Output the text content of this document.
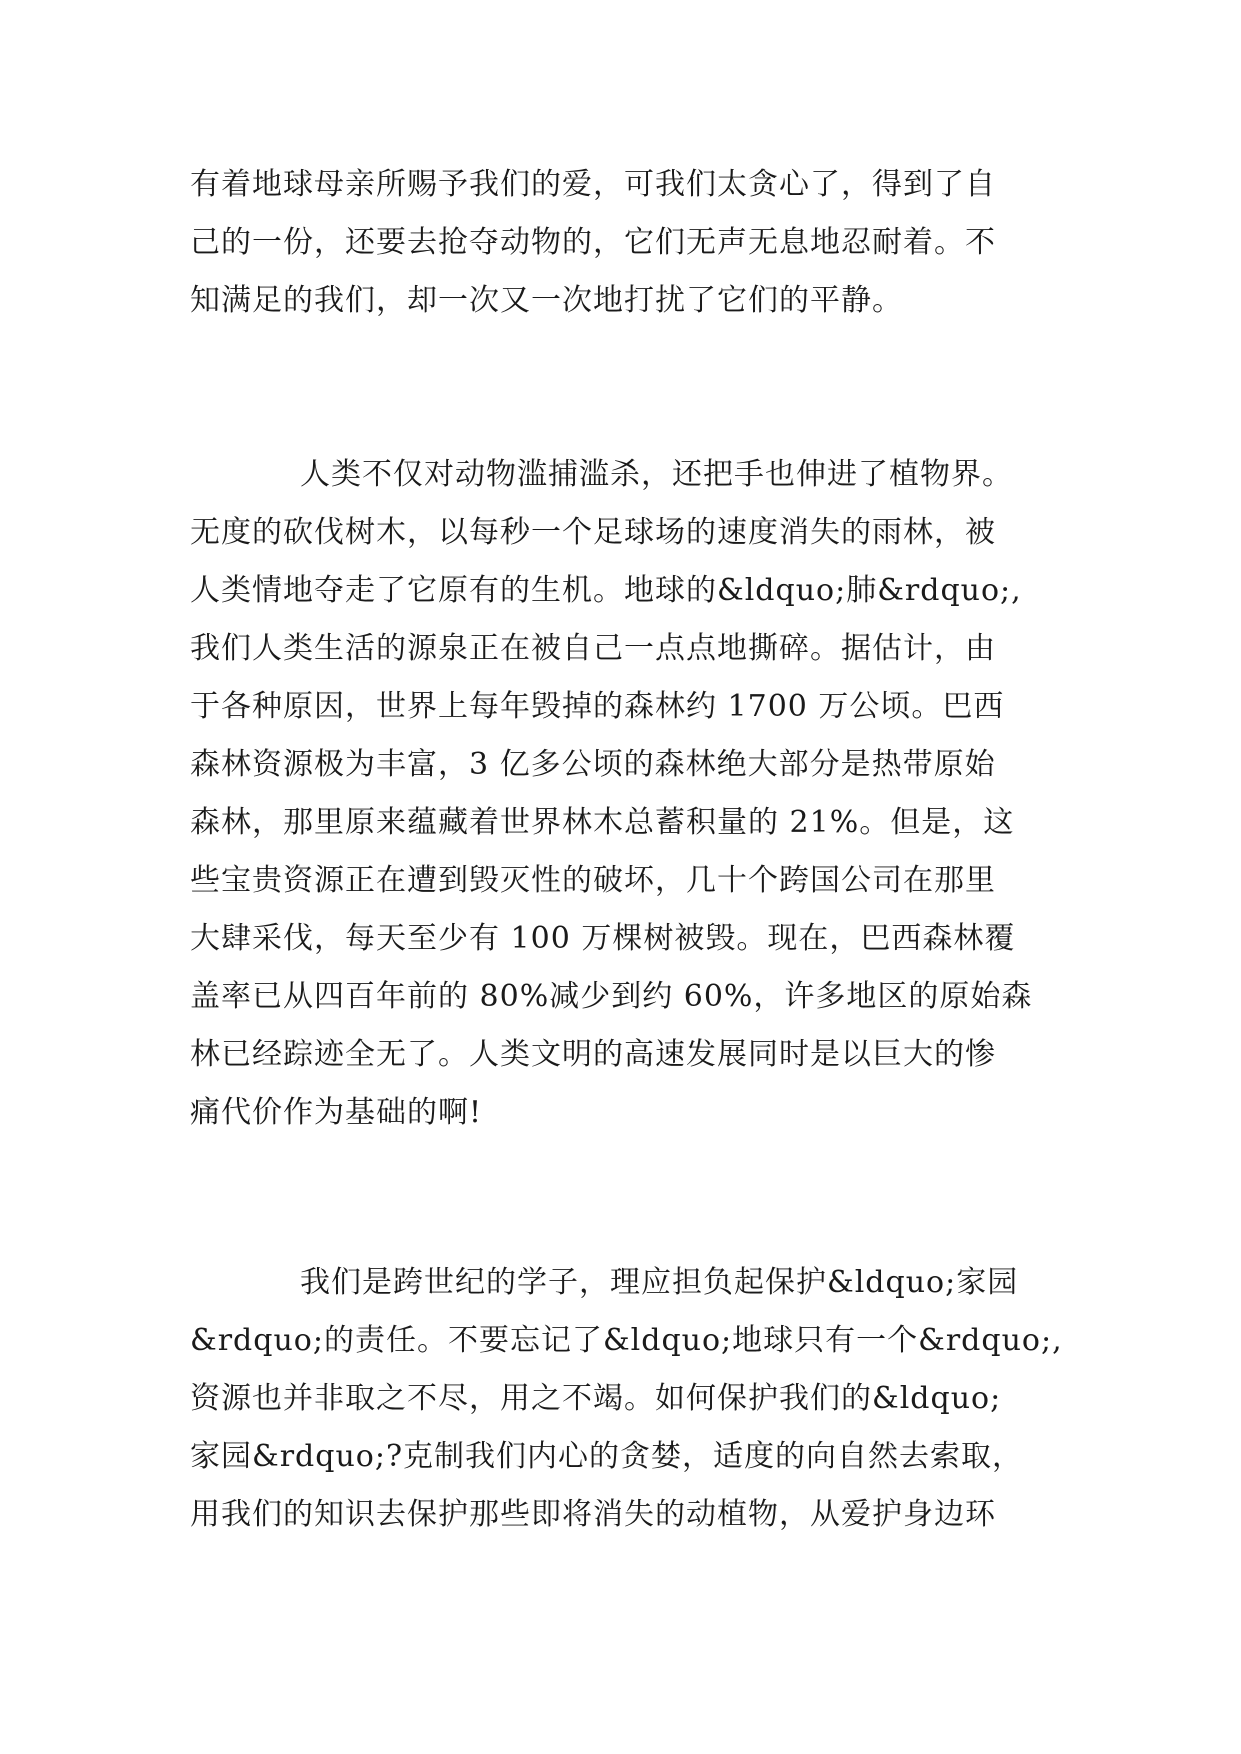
有着地球母亲所赐予我们的爱，可我们太贪心了，得到了自
己的一份，还要去抢夺动物的，它们无声无息地忍耐着。不
知满足的我们，却一次又一次地打扰了它们的平静。
人类不仅对动物滥捕滥杀，还把手也伸进了植物界。
无度的砍伐树木，以每秒一个足球场的速度消失的雨林，被
人类情地夺走了它原有的生机。地球的&ldquo;肺&rdquo;,
我们人类生活的源泉正在被自己一点点地撕碎。据估计，由
于各种原因，世界上每年毁掉的森林约 1700 万公顷。巴西
森林资源极为丰富，3 亿多公顷的森林绝大部分是热带原始
森林，那里原来蕴藏着世界林木总蓄积量的 21%。但是，这
些宝贵资源正在遭到毁灭性的破坏，几十个跨国公司在那里
大肆采伐，每天至少有 100 万棵树被毁。现在，巴西森林覆
盖率已从四百年前的 80%减少到约 60%，许多地区的原始森
林已经踪迹全无了。人类文明的高速发展同时是以巨大的惨
痛代价作为基础的啊!
我们是跨世纪的学子，理应担负起保护&ldquo;家园
&rdquo;的责任。不要忘记了&ldquo;地球只有一个&rdquo;,
资源也并非取之不尽，用之不竭。如何保护我们的&ldquo;
家园&rdquo;?克制我们内心的贪婪，适度的向自然去索取，
用我们的知识去保护那些即将消失的动植物，从爱护身边环
